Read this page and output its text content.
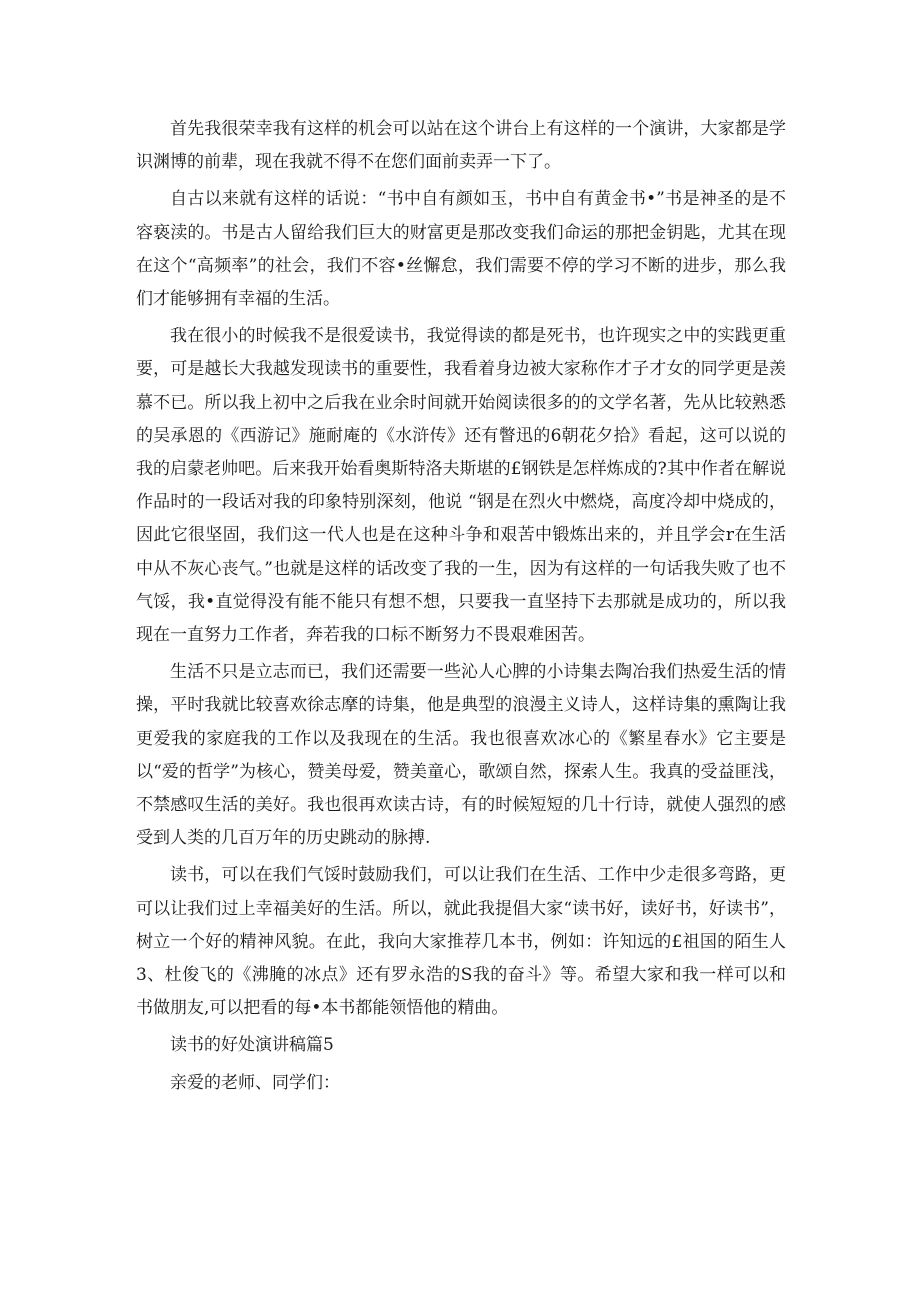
首先我很荣幸我有这样的机会可以站在这个讲台上有这样的一个演讲，大家都是学识渊博的前辈，现在我就不得不在您们面前卖弄一下了。

自古以来就有这样的话说：“书中自有颜如玉，书中自有黄金书•”书是神圣的是不容亵渎的。书是古人留给我们巨大的财富更是那改变我们命运的那把金钥匙，尤其在现在这个“高频率”的社会，我们不容•丝懈怠，我们需要不停的学习不断的进步，那么我们才能够拥有幸福的生活。

我在很小的时候我不是很爱读书，我觉得读的都是死书，也许现实之中的实践更重要，可是越长大我越发现读书的重要性，我看着身边被大家称作才子才女的同学更是羡慕不已。所以我上初中之后我在业余时间就开始阅读很多的的文学名著，先从比较熟悉的吴承恩的《西游记》施耐庵的《水浒传》还有瞥迅的6朝花夕拾》看起，这可以说的我的启蒙老帅吧。后来我开始看奥斯特洛夫斯堪的£钢铁是怎样炼成的?其中作者在解说作品时的一段话对我的印象特别深刻，他说 “钢是在烈火中燃烧，高度冷却中烧成的，因此它很坚固，我们这一代人也是在这种斗争和艰苦中锻炼出来的，并且学会r在生活中从不灰心丧气。”也就是这样的话改变了我的一生，因为有这样的一句话我失败了也不气馁，我•直觉得没有能不能只有想不想，只要我一直坚持下去那就是成功的，所以我现在一直努力工作者，奔若我的口标不断努力不畏艰难困苦。

生活不只是立志而已，我们还需要一些沁人心脾的小诗集去陶冶我们热爱生活的情操，平时我就比较喜欢徐志摩的诗集，他是典型的浪漫主义诗人，这样诗集的熏陶让我更爱我的家庭我的工作以及我现在的生活。我也很喜欢冰心的《繁星春水》它主要是以“爱的哲学”为核心，赞美母爱，赞美童心，歌颂自然，探索人生。我真的受益匪浅，不禁感叹生活的美好。我也很再欢读古诗，有的时候短短的几十行诗，就使人强烈的感受到人类的几百万年的历史跳动的脉搏.

读书，可以在我们气馁时鼓励我们，可以让我们在生活、工作中少走很多弯路，更可以让我们过上幸福美好的生活。所以，就此我提倡大家“读书好，读好书，好读书”，树立一个好的精神风貌。在此，我向大家推荐几本书，例如：许知远的£祖国的陌生人3、杜俊飞的《沸腌的冰点》还有罗永浩的S我的奋斗》等。希望大家和我一样可以和书做朋友,可以把看的每•本书都能领悟他的精曲。

读书的好处演讲稿篇5

亲爱的老师、同学们：
